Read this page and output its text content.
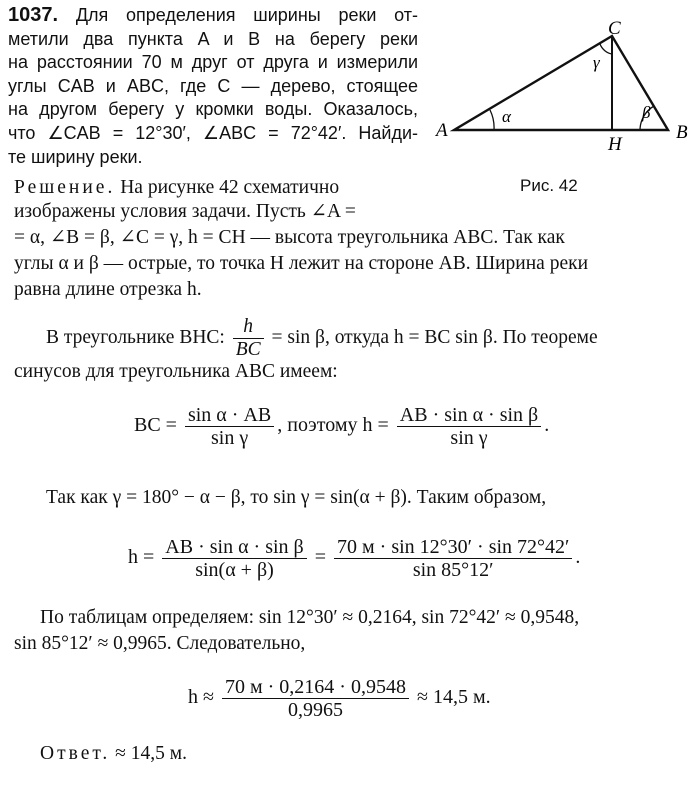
1037. Для определения ширины реки от-
метили два пункта A и B на берегу реки
на расстоянии 70 м друг от друга и измерили
углы CAB и ABC, где C — дерево, стоящее
на другом берегу у кромки воды. Оказалось,
что ∠CAB = 12°30′, ∠ABC = 72°42′. Найди-
те ширину реки.
A	B
C
H
α	β
γ
Рис. 42
Решение. На рисунке 42 схематично
изображены условия задачи. Пусть ∠A =
= α, ∠B = β, ∠C = γ, h = CH — высота треугольника ABC. Так как
углы α и β — острые, то точка H лежит на стороне AB. Ширина реки
равна длине отрезка h.
В треугольнике BHC: $\frac{h}{BC} = \sin \beta$, откуда h = BC sin β. По теореме
синусов для треугольника ABC имеем:
BC = $\frac{\text{sin α · AB}}{\text{sin γ}}$ , поэтому $h = \frac{\text{AB · sin α · sin β}}{\text{sin γ}}$ .
Так как γ = 180° − α − β, то sin γ = sin(α + β). Таким образом,
$h = \frac{\text{AB · sin α · sin β}}{\sin(\alpha + \beta)} = \frac{70 м \cdot \sin 12^\circ 30' \cdot \sin 72^\circ 42'}{\sin 85^\circ 12'}$ .
По таблицам определяем: sin 12°30′ ≈ 0,2164, sin 72°42′ ≈ 0,9548,
sin 85°12′ ≈ 0,9965. Следовательно,
$h \approx \frac{70 м \cdot 0,2164 \cdot 0,9548}{0,9965} \approx 14,5$ м.
Ответ. ≈ 14,5 м.
